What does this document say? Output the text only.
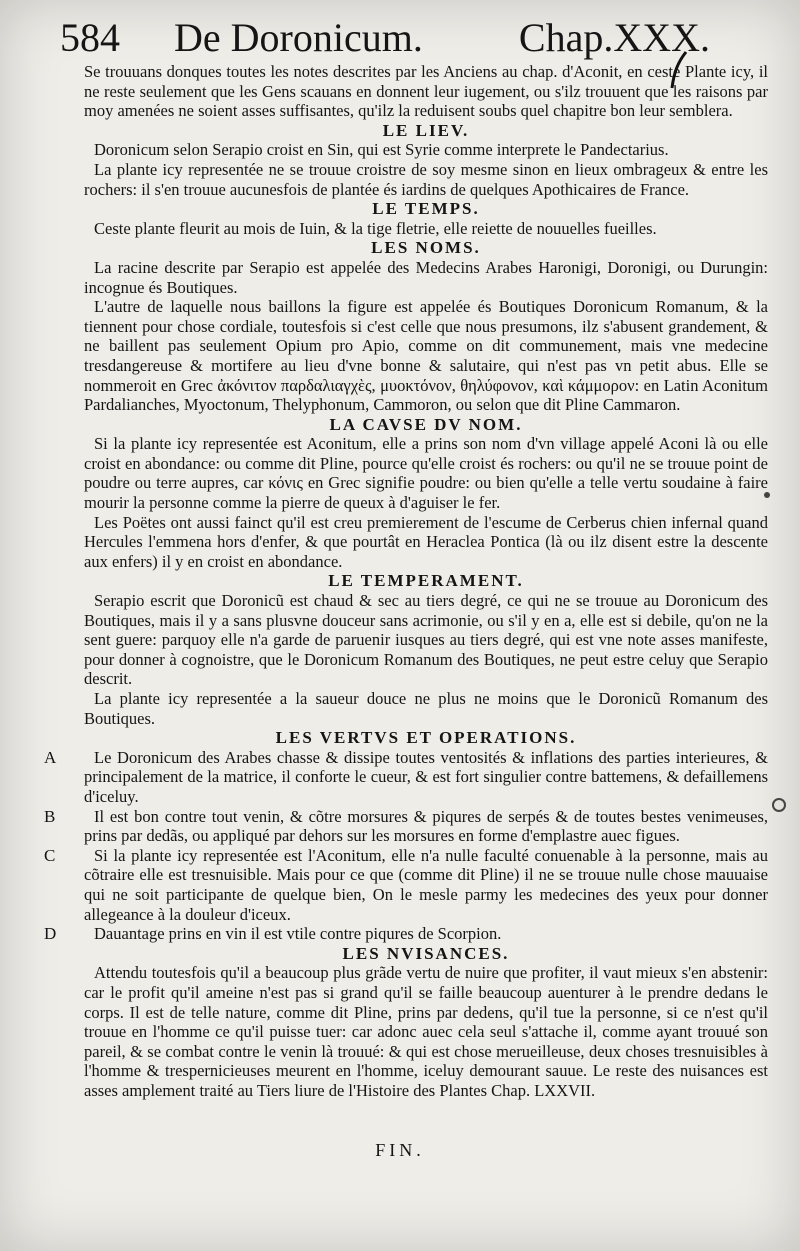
584 De Doronicum. Chap.XXX.

Se trouuans donques toutes les notes descrites par les Anciens au chap. d'Aconit, en ceste Plante icy, il ne reste seulement que les Gens scauans en donnent leur iugement, ou s'ilz trouuent que les raisons par moy amenées ne soient asses suffisantes, qu'ilz la reduisent soubs quel chapitre bon leur semblera.

LE LIEV.

Doronicum selon Serapio croist en Sin, qui est Syrie comme interprete le Pandectarius.

La plante icy representée ne se trouue croistre de soy mesme sinon en lieux ombrageux & entre les rochers: il s'en trouue aucunesfois de plantée és iardins de quelques Apothicaires de France.

LE TEMPS.

Ceste plante fleurit au mois de Iuin, & la tige fletrie, elle reiette de nouuelles fueilles.

LES NOMS.

La racine descrite par Serapio est appelée des Medecins Arabes Haronigi, Doronigi, ou Durungin: incognue és Boutiques.

L'autre de laquelle nous baillons la figure est appelée és Boutiques Doronicum Romanum, & la tiennent pour chose cordiale, toutesfois si c'est celle que nous presumons, ilz s'abusent grandement, & ne baillent pas seulement Opium pro Apio, comme on dit communement, mais vne medecine tresdangereuse & mortifere au lieu d'vne bonne & salutaire, qui n'est pas vn petit abus. Elle se nommeroit en Grec ἀκόνιτον παρδαλιαγχὲς, μυοκτόνον, θηλύφονον, καὶ κάμμορον: en Latin Aconitum Pardalianches, Myoctonum, Thelyphonum, Cammoron, ou selon que dit Pline Cammaron.

LA CAVSE DV NOM.

Si la plante icy representée est Aconitum, elle a prins son nom d'vn village appelé Aconi là ou elle croist en abondance: ou comme dit Pline, pource qu'elle croist és rochers: ou qu'il ne se trouue point de poudre ou terre aupres, car κόνις en Grec signifie poudre: ou bien qu'elle a telle vertu soudaine à faire mourir la personne comme la pierre de queux à d'aguiser le fer.

Les Poëtes ont aussi fainct qu'il est creu premierement de l'escume de Cerberus chien infernal quand Hercules l'emmena hors d'enfer, & que pourtât en Heraclea Pontica (là ou ilz disent estre la descente aux enfers) il y en croist en abondance.

LE TEMPERAMENT.

Serapio escrit que Doronicũ est chaud & sec au tiers degré, ce qui ne se trouue au Doronicum des Boutiques, mais il y a sans plusvne douceur sans acrimonie, ou s'il y en a, elle est si debile, qu'on ne la sent guere: parquoy elle n'a garde de paruenir iusques au tiers degré, qui est vne note asses manifeste, pour donner à cognoistre, que le Doronicum Romanum des Boutiques, ne peut estre celuy que Serapio descrit.

La plante icy representée a la saueur douce ne plus ne moins que le Doronicũ Romanum des Boutiques.

LES VERTVS ET OPERATIONS.
A	Le Doronicum des Arabes chasse & dissipe toutes ventosités & inflations des parties interieures, & principalement de la matrice, il conforte le cueur, & est fort singulier contre battemens, & defaillemens d'iceluy.

B	Il est bon contre tout venin, & cõtre morsures & piqures de serpés & de toutes bestes venimeuses, prins par dedãs, ou appliqué par dehors sur les morsures en forme d'emplastre auec figues.

C	Si la plante icy representée est l'Aconitum, elle n'a nulle faculté conuenable à la personne, mais au cõtraire elle est tresnuisible. Mais pour ce que (comme dit Pline) il ne se trouue nulle chose mauuaise qui ne soit participante de quelque bien, On le mesle parmy les medecines des yeux pour donner allegeance à la douleur d'iceux.

D	Dauantage prins en vin il est vtile contre piqures de Scorpion.

LES NVISANCES.

Attendu toutesfois qu'il a beaucoup plus grãde vertu de nuire que profiter, il vaut mieux s'en abstenir: car le profit qu'il ameine n'est pas si grand qu'il se faille beaucoup auenturer à le prendre dedans le corps. Il est de telle nature, comme dit Pline, prins par dedens, qu'il tue la personne, si ce n'est qu'il trouue en l'homme ce qu'il puisse tuer: car adonc auec cela seul s'attache il, comme ayant trouué son pareil, & se combat contre le venin là trouué: & qui est chose merueilleuse, deux choses tresnuisibles à l'homme & trespernicieuses meurent en l'homme, iceluy demourant sauue. Le reste des nuisances est asses amplement traité au Tiers liure de l'Histoire des Plantes Chap. LXXVII.

FIN.
